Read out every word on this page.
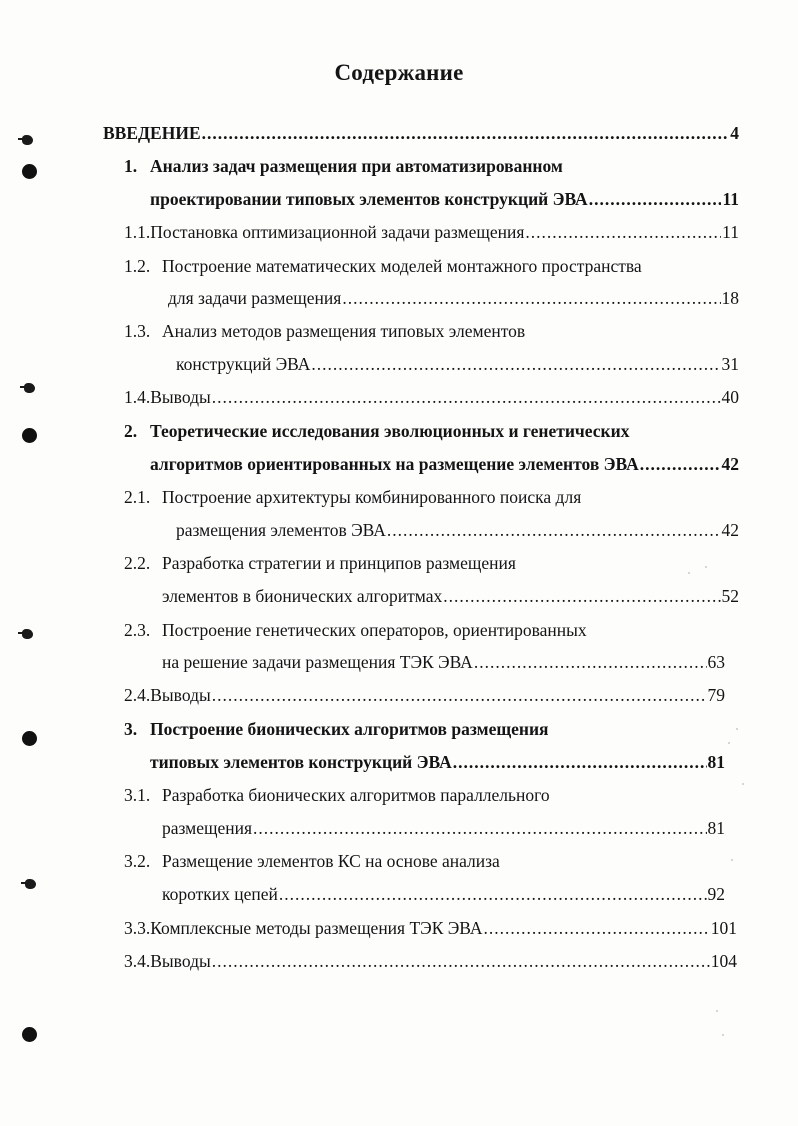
Содержание
ВВЕДЕНИЕ .....	4
1. Анализ задач размещения при автоматизированном
проектировании типовых элементов конструкций ЭВА .....	11
1.1. Постановка оптимизационной задачи размещения .....	11
1.2. Построение математических моделей монтажного пространства
для задачи размещения .....	18
1.3. Анализ методов размещения типовых элементов
конструкций ЭВА .....	31
1.4. Выводы .....	40
2. Теоретические исследования эволюционных и генетических
алгоритмов ориентированных на размещение элементов ЭВА .....	42
2.1. Построение архитектуры комбинированного поиска для
размещения элементов ЭВА .....	42
2.2. Разработка стратегии и принципов размещения
элементов в бионических алгоритмах .....	52
2.3. Построение генетических операторов, ориентированных
на решение задачи размещения ТЭК ЭВА .....	63
2.4. Выводы .....	79
3. Построение бионических алгоритмов размещения
типовых элементов конструкций ЭВА .....	81
3.1. Разработка бионических алгоритмов параллельного
размещения .....	81
3.2. Размещение элементов КС на основе анализа
коротких цепей .....	92
3.3. Комплексные методы размещения ТЭК ЭВА .....	101
3.4. Выводы .....	104
